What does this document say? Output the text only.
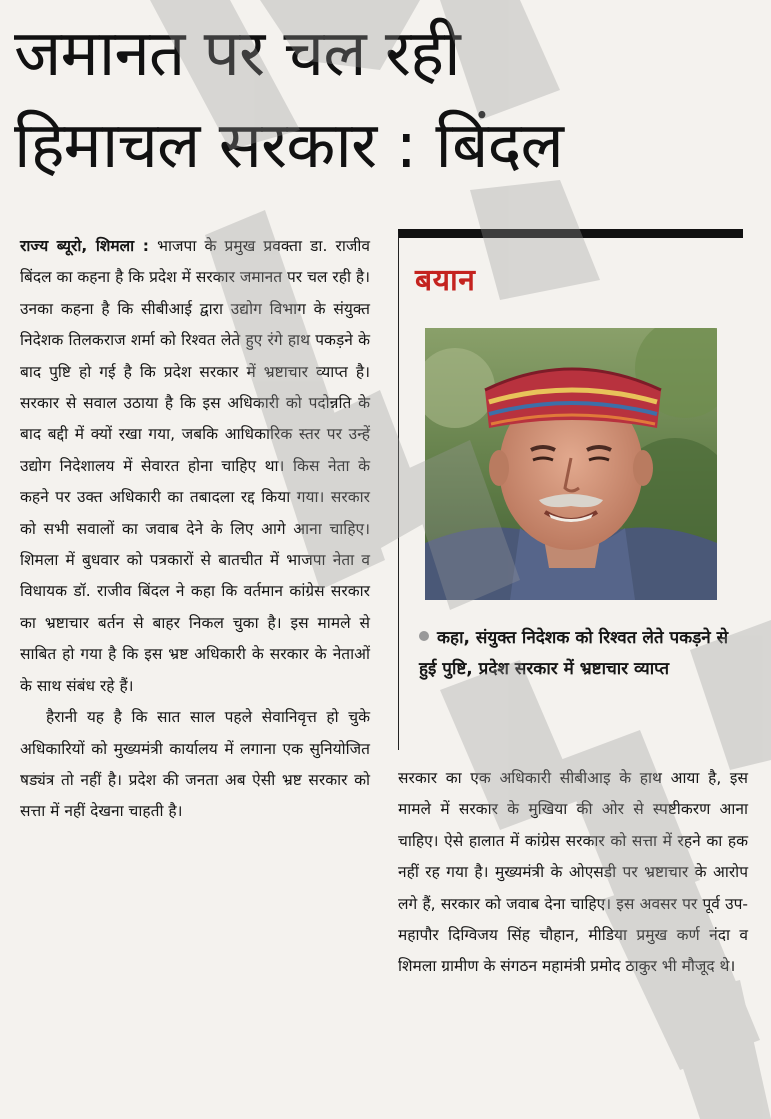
जमानत पर चल रही
हिमाचल सरकार : बिंदल

राज्य ब्यूरो, शिमला : भाजपा के प्रमुख प्रवक्ता डा. राजीव बिंदल का कहना है कि प्रदेश में सरकार जमानत पर चल रही है। उनका कहना है कि सीबीआई द्वारा उद्योग विभाग के संयुक्त निदेशक तिलकराज शर्मा को रिश्वत लेते हुए रंगे हाथ पकड़ने के बाद पुष्टि हो गई है कि प्रदेश सरकार में भ्रष्टाचार व्याप्त है। सरकार से सवाल उठाया है कि इस अधिकारी को पदोन्नति के बाद बद्दी में क्यों रखा गया, जबकि आधिकारिक स्तर पर उन्हें उद्योग निदेशालय में सेवारत होना चाहिए था। किस नेता के कहने पर उक्त अधिकारी का तबादला रद्द किया गया। सरकार को सभी सवालों का जवाब देने के लिए आगे आना चाहिए। शिमला में बुधवार को पत्रकारों से बातचीत में भाजपा नेता व विधायक डॉ. राजीव बिंदल ने कहा कि वर्तमान कांग्रेस सरकार का भ्रष्टाचार बर्तन से बाहर निकल चुका है। इस मामले से साबित हो गया है कि इस भ्रष्ट अधिकारी के सरकार के नेताओं के साथ संबंध रहे हैं।

हैरानी यह है कि सात साल पहले सेवानिवृत्त हो चुके अधिकारियों को मुख्यमंत्री कार्यालय में लगाना एक सुनियोजित षड्यंत्र तो नहीं है। प्रदेश की जनता अब ऐसी भ्रष्ट सरकार को सत्ता में नहीं देखना चाहती है।

बयान
कहा, संयुक्त निदेशक को रिश्वत लेते पकड़ने से हुई पुष्टि, प्रदेश सरकार में भ्रष्टाचार व्याप्त

सरकार का एक अधिकारी सीबीआइ के हाथ आया है, इस मामले में सरकार के मुखिया की ओर से स्पष्टीकरण आना चाहिए। ऐसे हालात में कांग्रेस सरकार को सत्ता में रहने का हक नहीं रह गया है। मुख्यमंत्री के ओएसडी पर भ्रष्टाचार के आरोप लगे हैं, सरकार को जवाब देना चाहिए। इस अवसर पर पूर्व उप-महापौर दिग्विजय सिंह चौहान, मीडिया प्रमुख कर्ण नंदा व शिमला ग्रामीण के संगठन महामंत्री प्रमोद ठाकुर भी मौजूद थे।
